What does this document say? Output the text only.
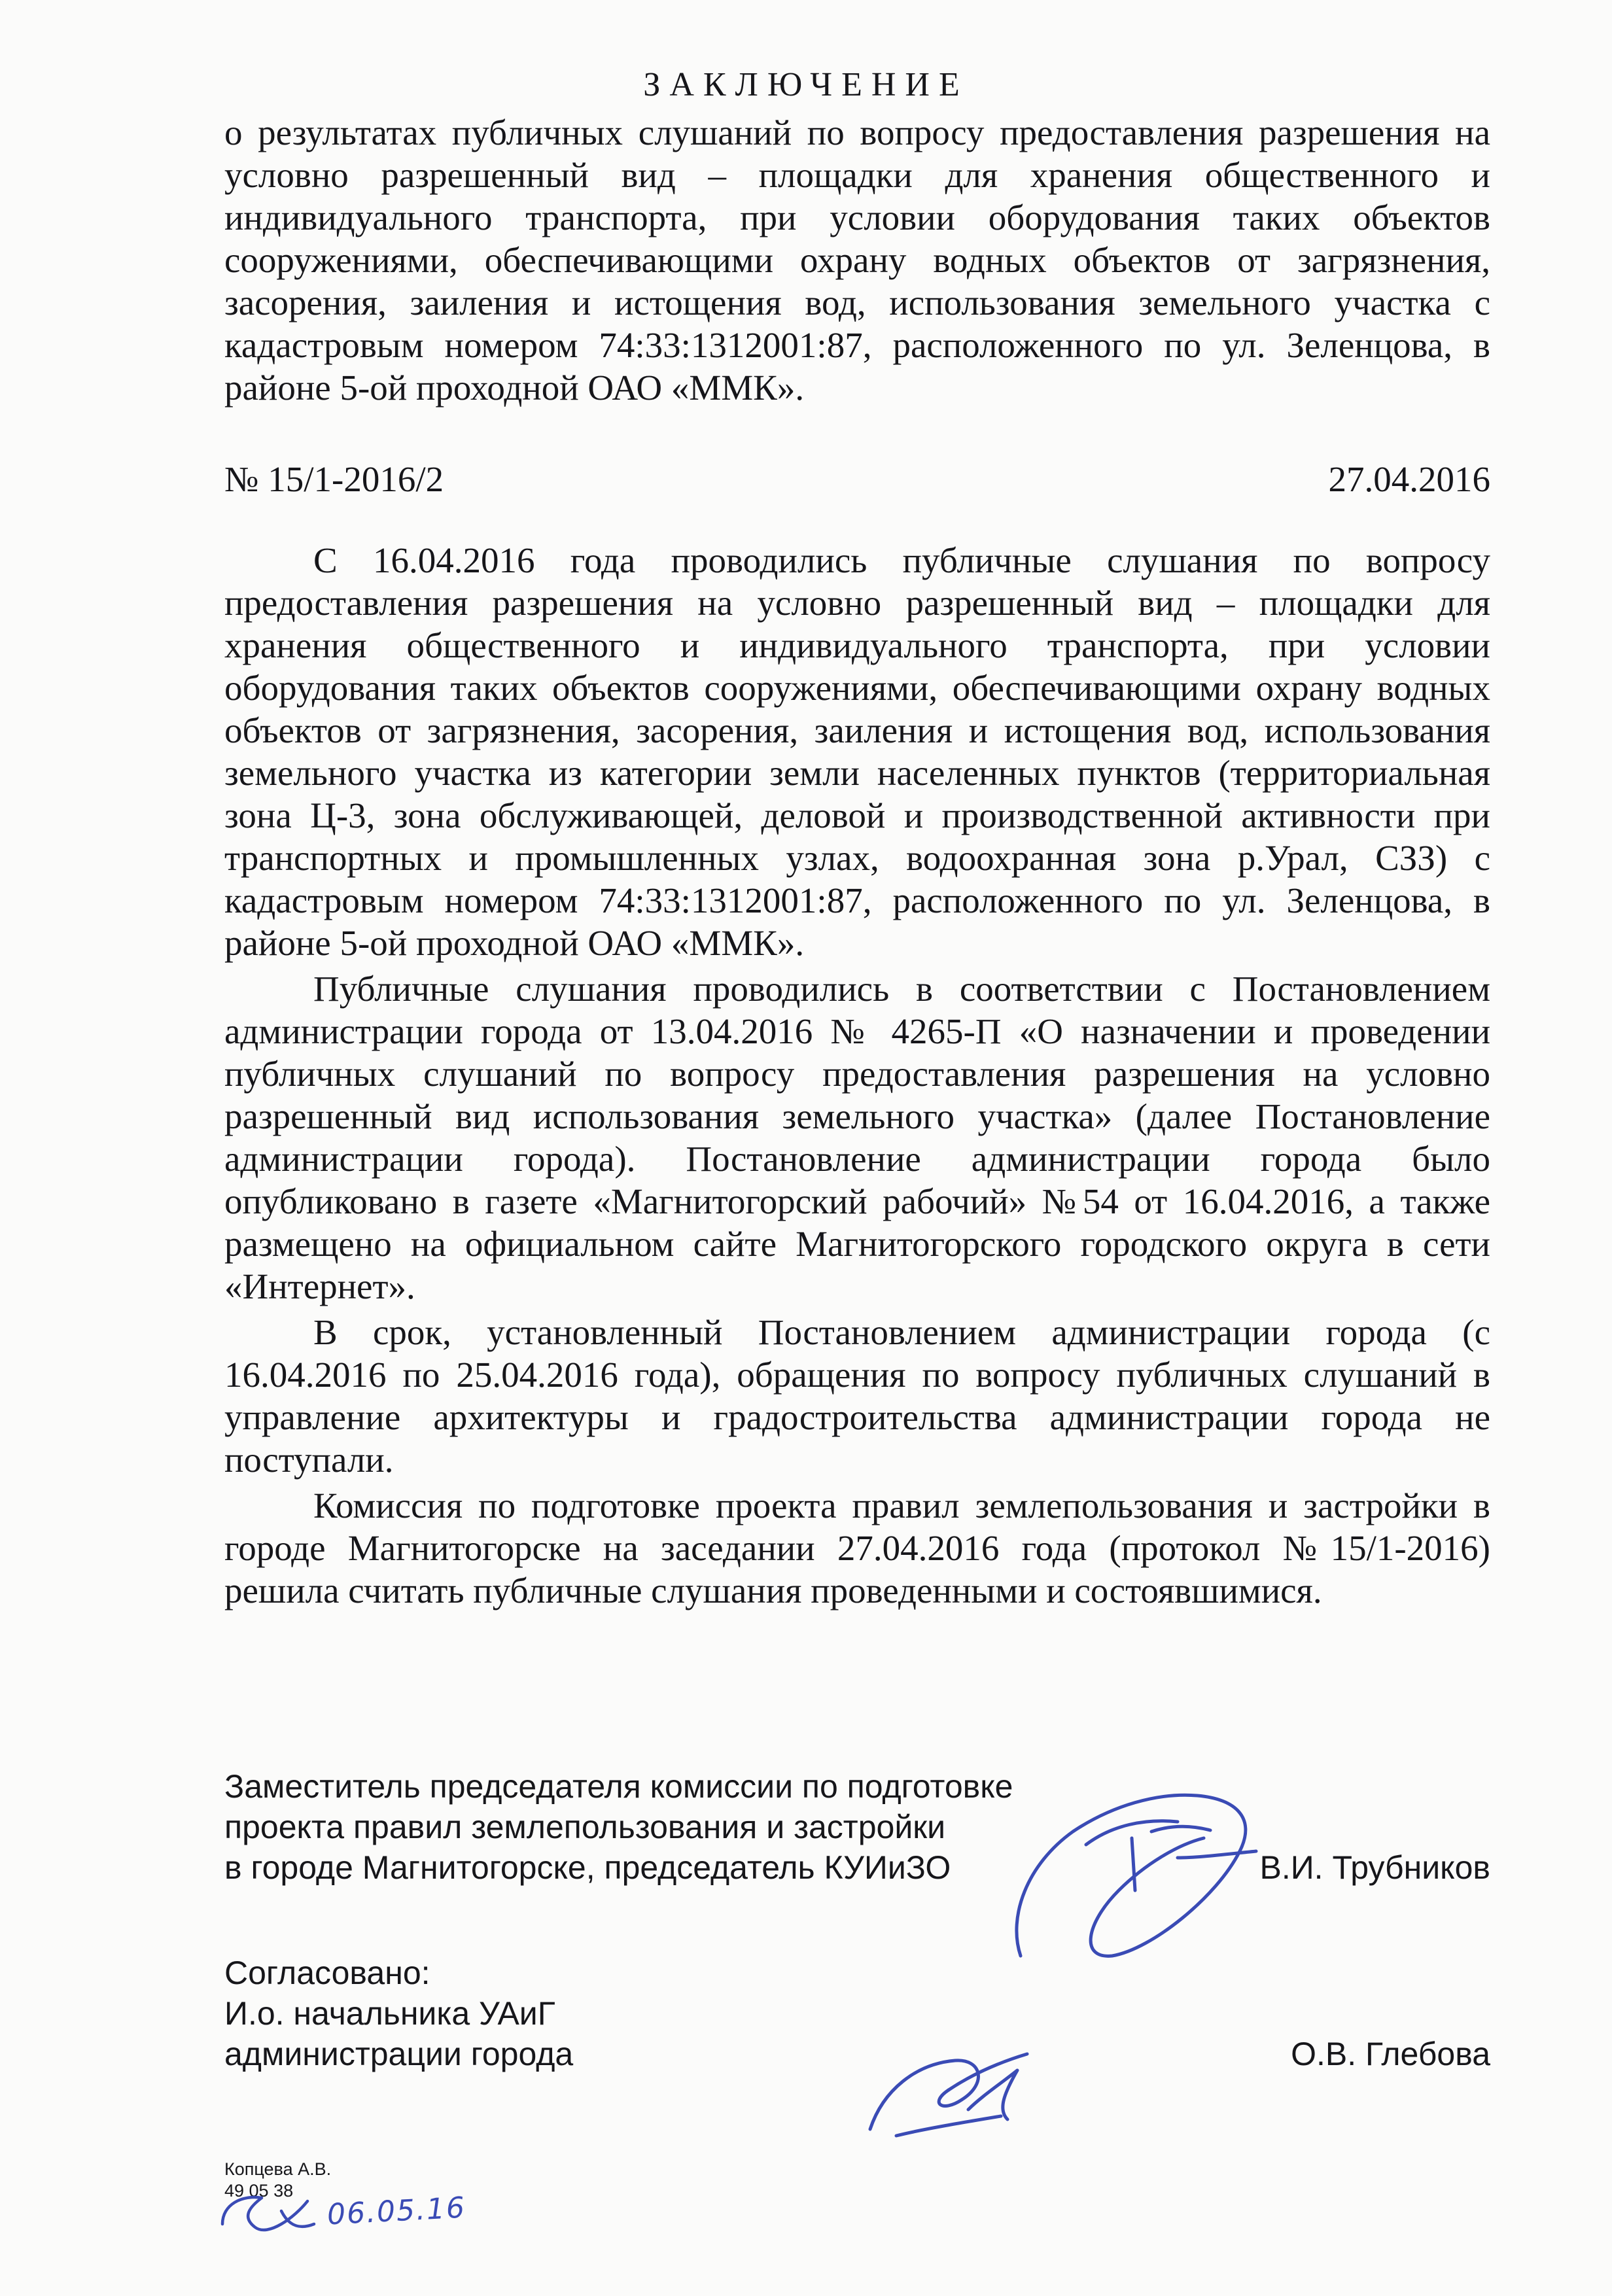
ЗАКЛЮЧЕНИЕ
о результатах публичных слушаний по вопросу предоставления разрешения на условно разрешенный вид – площадки для хранения общественного и индивидуального транспорта, при условии оборудования таких объектов сооружениями, обеспечивающими охрану водных объектов от загрязнения, засорения, заиления и истощения вод, использования земельного участка с кадастровым номером 74:33:1312001:87, расположенного по ул. Зеленцова, в районе 5-ой проходной ОАО «ММК».
№ 15/1-2016/2	27.04.2016

С 16.04.2016 года проводились публичные слушания по вопросу предоставления разрешения на условно разрешенный вид – площадки для хранения общественного и индивидуального транспорта, при условии оборудования таких объектов сооружениями, обеспечивающими охрану водных объектов от загрязнения, засорения, заиления и истощения вод, использования земельного участка из категории земли населенных пунктов (территориальная зона Ц-3, зона обслуживающей, деловой и производственной активности при транспортных и промышленных узлах, водоохранная зона р.Урал, СЗЗ) с кадастровым номером 74:33:1312001:87, расположенного по ул. Зеленцова, в районе 5-ой проходной ОАО «ММК».

Публичные слушания проводились в соответствии с Постановлением администрации города от 13.04.2016 № 4265-П «О назначении и проведении публичных слушаний по вопросу предоставления разрешения на условно разрешенный вид использования земельного участка» (далее Постановление администрации города). Постановление администрации города было опубликовано в газете «Магнитогорский рабочий» №54 от 16.04.2016, а также размещено на официальном сайте Магнитогорского городского округа в сети «Интернет».

В срок, установленный Постановлением администрации города (с 16.04.2016 по 25.04.2016 года), обращения по вопросу публичных слушаний в управление архитектуры и градостроительства администрации города не поступали.

Комиссия по подготовке проекта правил землепользования и застройки в городе Магнитогорске на заседании 27.04.2016 года (протокол №15/1-2016) решила считать публичные слушания проведенными и состоявшимися.

Заместитель председателя комиссии по подготовке
проекта правил землепользования и застройки
в городе Магнитогорске, председатель КУИиЗО	В.И. Трубников
Согласовано:
И.о. начальника УАиГ
администрации города	О.В. Глебова
Копцева А.В.
49 05 38
06.05.16
